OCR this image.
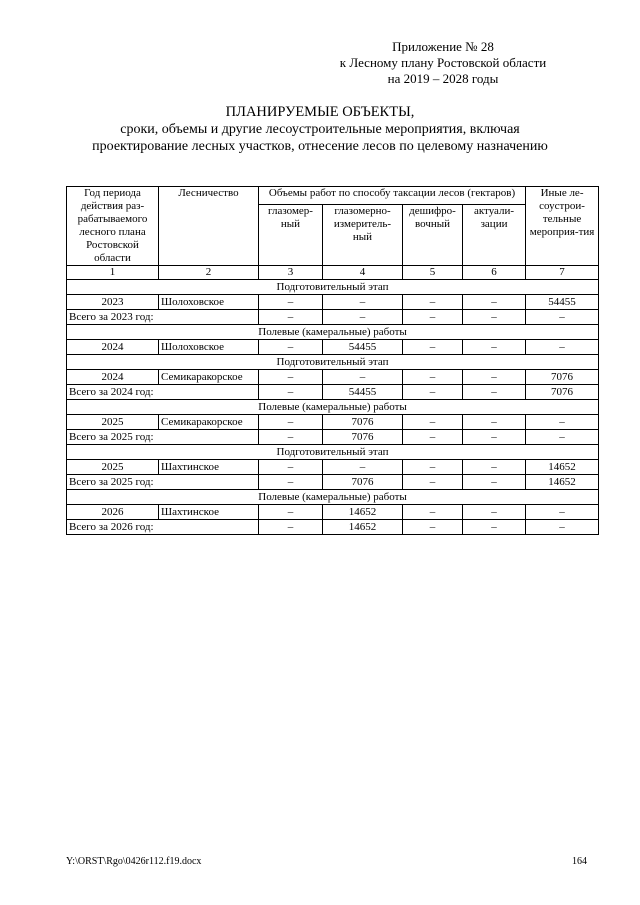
Приложение № 28
к Лесному плану Ростовской области
на 2019 – 2028 годы
ПЛАНИРУЕМЫЕ ОБЪЕКТЫ,
сроки, объемы и другие лесоустроительные мероприятия, включая
проектирование лесных участков, отнесение лесов по целевому назначению
Год периода действия раз-рабатываемого лесного плана Ростовской области	Лесничество	Объемы работ по способу таксации лесов (гектаров)				Иные ле-соустрои-тельные мероприя-тия
		глазомер-ный	глазомерно-измеритель-ный	дешифро-вочный	актуали-зации	
1	2	3	4	5	6	7
Подготовительный этап						
2023	Шолоховское	–	–	–	–	54455
Всего за 2023 год:		–	–	–	–	–
Полевые (камеральные) работы						
2024	Шолоховское	–	54455	–	–	–
Подготовительный этап						
2024	Семикаракорское	–	–	–	–	7076
Всего за 2024 год:		–	54455	–	–	7076
Полевые (камеральные) работы						
2025	Семикаракорское	–	7076	–	–	–
Всего за 2025 год:		–	7076	–	–	–
Подготовительный этап						
2025	Шахтинское	–	–	–	–	14652
Всего за 2025 год:		–	7076	–	–	14652
Полевые (камеральные) работы						
2026	Шахтинское	–	14652	–	–	–
Всего за 2026 год:		–	14652	–	–	–
Y:\ORST\Rgo\0426r112.f19.docx	164
